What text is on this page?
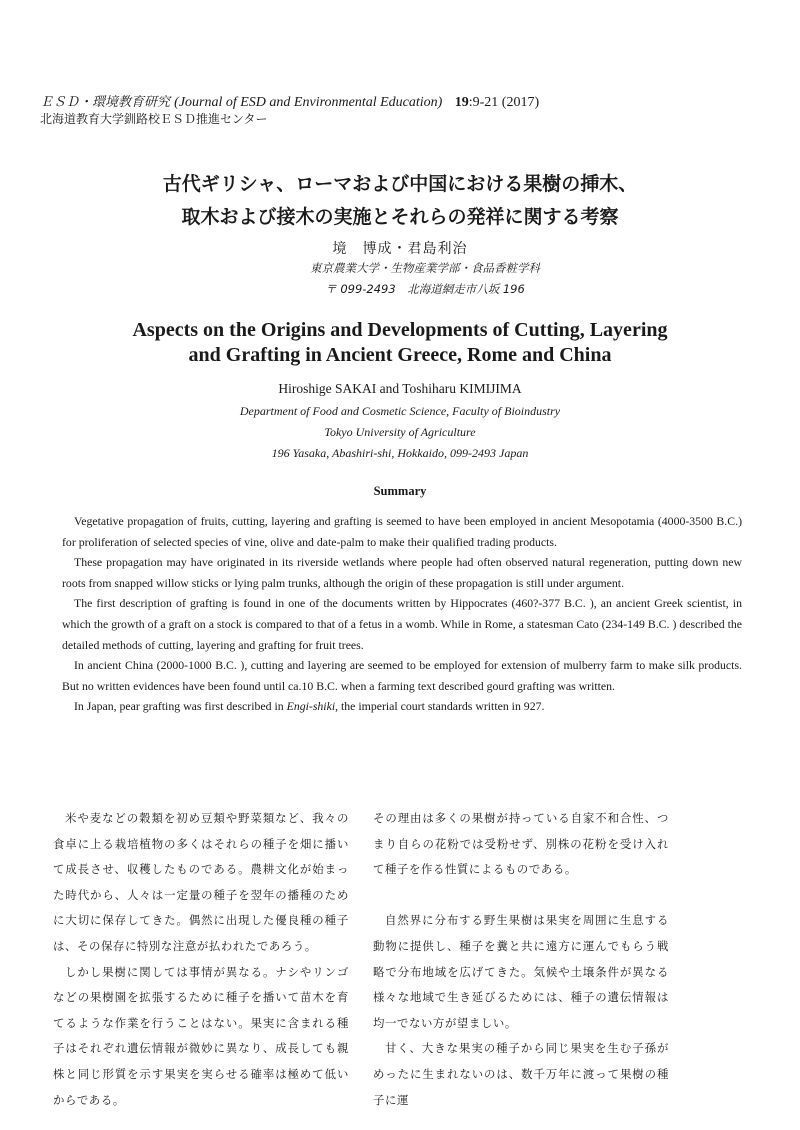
ＥＳＤ・環境教育研究 (Journal of ESD and Environmental Education) 19:9-21 (2017)
北海道教育大学釧路校ＥＳＤ推進センター
古代ギリシャ、ローマおよび中国における果樹の挿木、
取木および接木の実施とそれらの発祥に関する考察
境　博成・君島利治
東京農業大学・生物産業学部・食品香粧学科
〒 099-2493　北海道網走市八坂 196
Aspects on the Origins and Developments of Cutting, Layering
and Grafting in Ancient Greece, Rome and China
Hiroshige SAKAI and Toshiharu KIMIJIMA
Department of Food and Cosmetic Science, Faculty of Bioindustry
Tokyo University of Agriculture
196 Yasaka, Abashiri-shi, Hokkaido, 099-2493 Japan
Summary

Vegetative propagation of fruits, cutting, layering and grafting is seemed to have been employed in ancient Mesopotamia (4000-3500 B.C.) for proliferation of selected species of vine, olive and date-palm to make their qualified trading products.

These propagation may have originated in its riverside wetlands where people had often observed natural regeneration, putting down new roots from snapped willow sticks or lying palm trunks, although the origin of these propagation is still under argument.

The first description of grafting is found in one of the documents written by Hippocrates (460?-377 B.C. ), an ancient Greek scientist, in which the growth of a graft on a stock is compared to that of a fetus in a womb. While in Rome, a statesman Cato (234-149 B.C. ) described the detailed methods of cutting, layering and grafting for fruit trees.

In ancient China (2000-1000 B.C. ), cutting and layering are seemed to be employed for extension of mulberry farm to make silk products. But no written evidences have been found until ca.10 B.C. when a farming text described gourd grafting was written.

In Japan, pear grafting was first described in Engi-shiki, the imperial court standards written in 927.

米や麦などの穀類を初め豆類や野菜類など、我々の食卓に上る栽培植物の多くはそれらの種子を畑に播いて成長させ、収穫したものである。農耕文化が始まった時代から、人々は一定量の種子を翌年の播種のために大切に保存してきた。偶然に出現した優良種の種子は、その保存に特別な注意が払われたであろう。

しかし果樹に関しては事情が異なる。ナシやリンゴなどの果樹園を拡張するために種子を播いて苗木を育てるような作業を行うことはない。果実に含まれる種子はそれぞれ遺伝情報が微妙に異なり、成長しても親株と同じ形質を示す果実を実らせる確率は極めて低いからである。

その理由は多くの果樹が持っている自家不和合性、つまり自らの花粉では受粉せず、別株の花粉を受け入れて種子を作る性質によるものである。

自然界に分布する野生果樹は果実を周囲に生息する動物に提供し、種子を糞と共に遠方に運んでもらう戦略で分布地域を広げてきた。気候や土壌条件が異なる様々な地域で生き延びるためには、種子の遺伝情報は均一でない方が望ましい。

甘く、大きな果実の種子から同じ果実を生む子孫がめったに生まれないのは、数千万年に渡って果樹の種子に運
